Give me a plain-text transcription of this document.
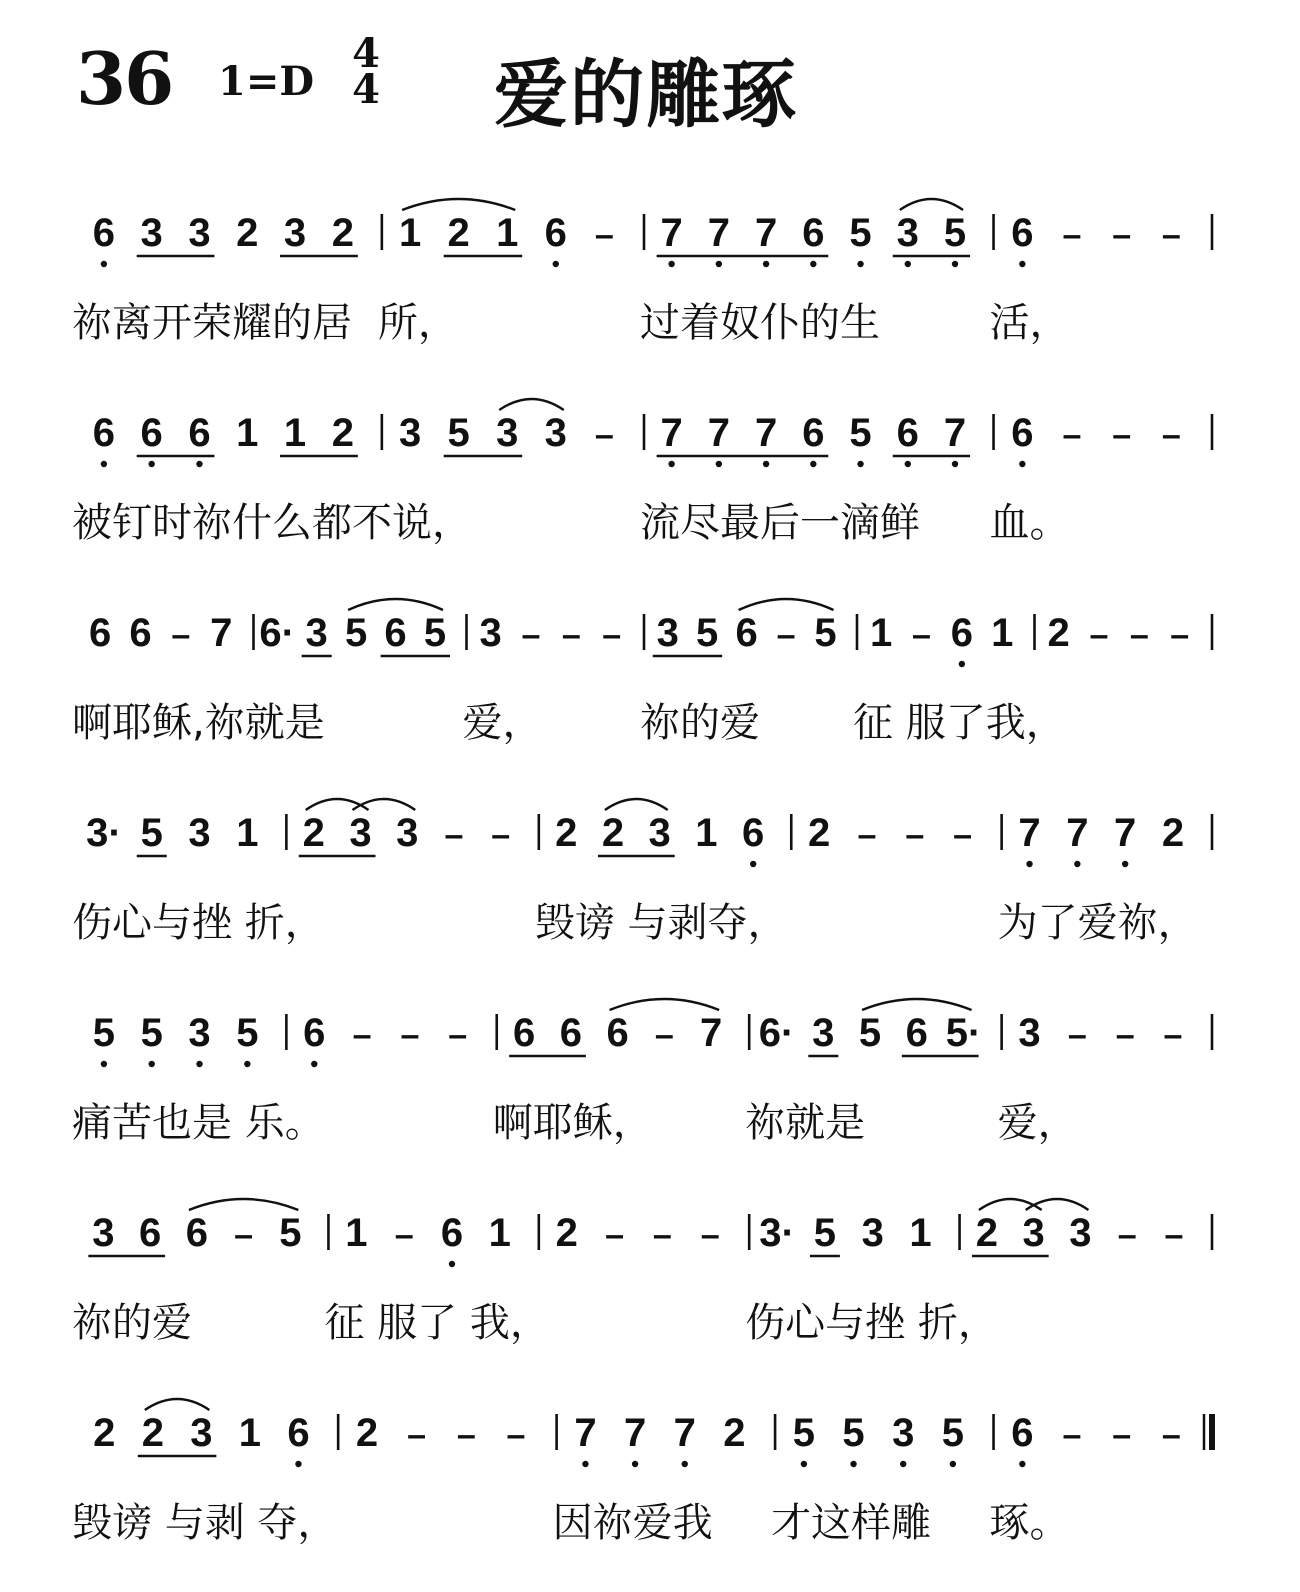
36 1=D
4
4 爱的雕琢
6 3 3 2 3 2
祢离开荣耀的居
1 2 1 6 –
所，
7 7 7 6 5 3 5
过着奴仆的生
6 – – –
活，
6 6 6 1 1 2
被钉时祢什么都不说，
3 5 3 3 – 7 7 7 6 5 6 7
流尽最后一滴鲜
6 – – –
血。
6 6 – 7
啊耶稣,祢就是
6· 3 5 6 5 3 – – –
爱，
3 5 6 – 5
祢的爱
1 – 6 1
征 服了我，
2 – – –
3· 5 3 1
伤心与挫 折，
2 3 3 – – 2 2 3 1 6
毁谤 与剥夺，
2 – – – 7 7 7 2
为了爱祢，
5 5 3 5
痛苦也是 乐。
6 – – – 6 6 6 – 7
啊耶稣，
6· 3 5 6 5·
祢就是
3 – – –
爱，
3 6 6 – 5
祢的爱
1 – 6 1
征 服了 我，
2 – – – 3· 5 3 1
伤心与挫 折，
2 3 3 – –
2 2 3 1 6
毁谤 与剥 夺，
2 – – – 7 7 7 2
因祢爱我
5 5 3 5
才这样雕
6 – – –
琢。
